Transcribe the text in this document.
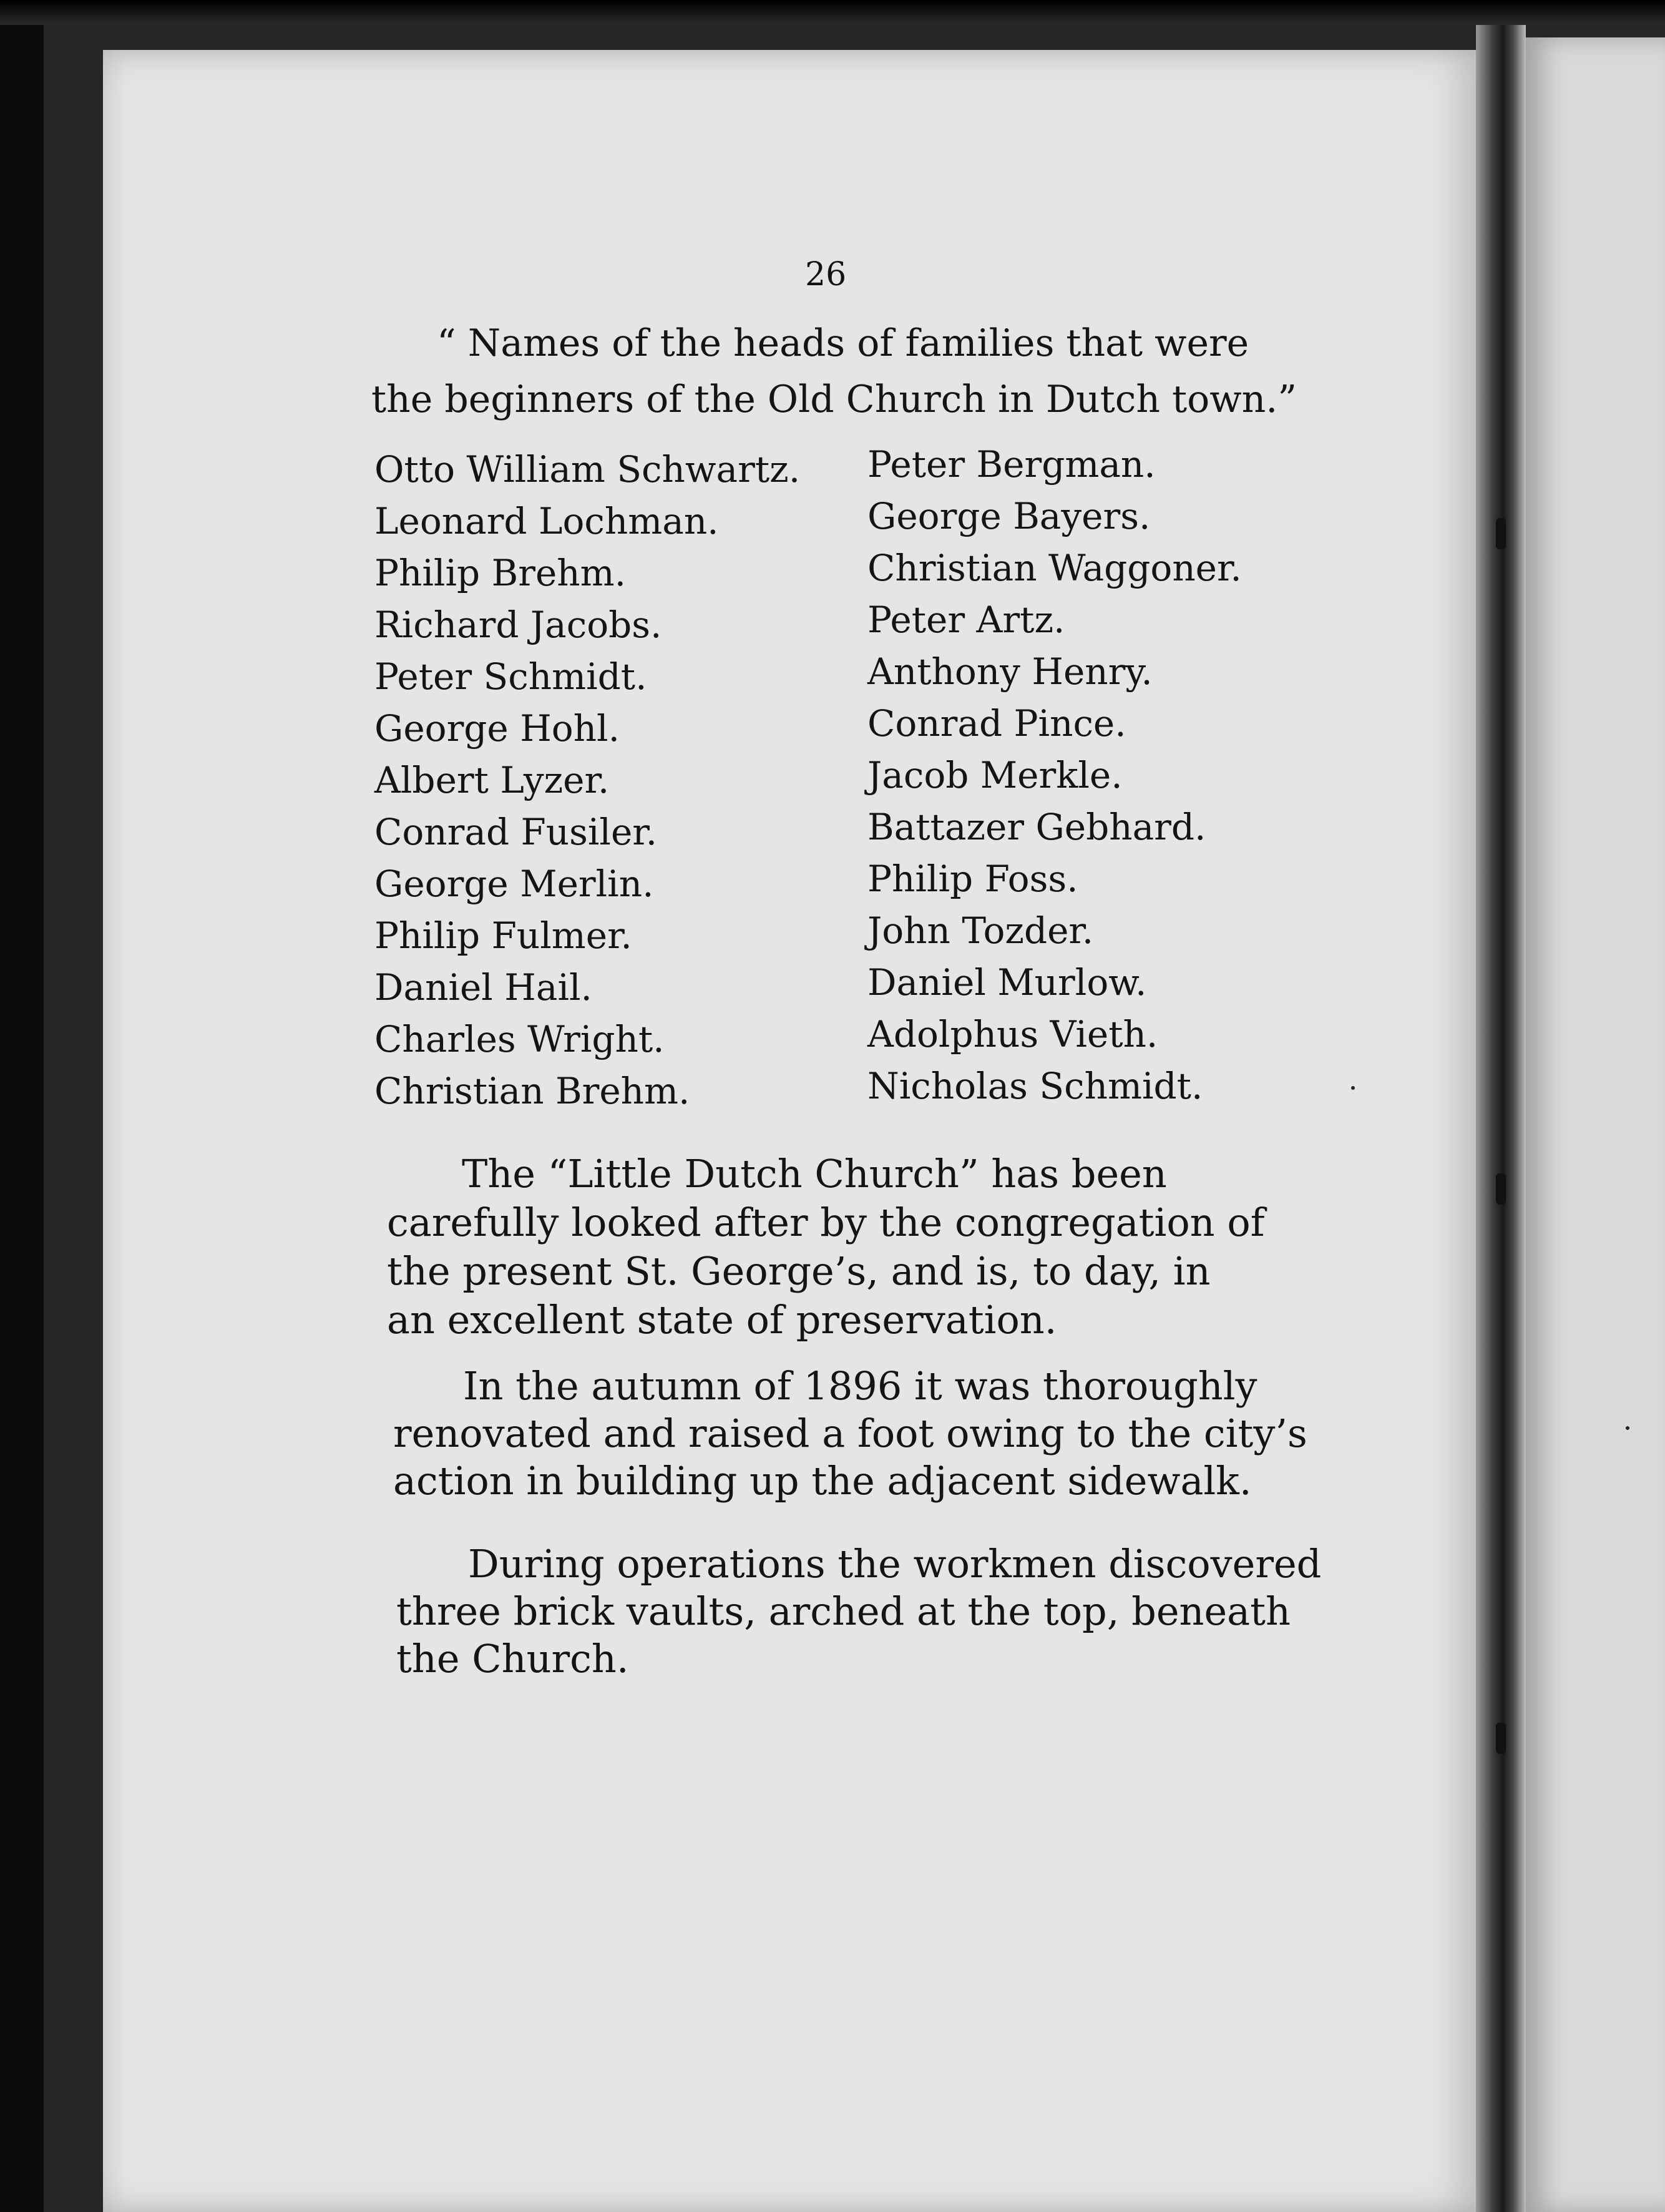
26
“ Names of the heads of families that were
the beginners of the Old Church in Dutch town.”
Otto William Schwartz.
Leonard Lochman.
Philip Brehm.
Richard Jacobs.
Peter Schmidt.
George Hohl.
Albert Lyzer.
Conrad Fusiler.
George Merlin.
Philip Fulmer.
Daniel Hail.
Charles Wright.
Christian Brehm.
Peter Bergman.
George Bayers.
Christian Waggoner.
Peter Artz.
Anthony Henry.
Conrad Pince.
Jacob Merkle.
Battazer Gebhard.
Philip Foss.
John Tozder.
Daniel Murlow.
Adolphus Vieth.
Nicholas Schmidt.
The “Little Dutch Church” has been
carefully looked after by the congregation of
the present St. George’s, and is, to day, in
an excellent state of preservation.
In the autumn of 1896 it was thoroughly
renovated and raised a foot owing to the city’s
action in building up the adjacent sidewalk.
During operations the workmen discovered
three brick vaults, arched at the top, beneath
the Church.
